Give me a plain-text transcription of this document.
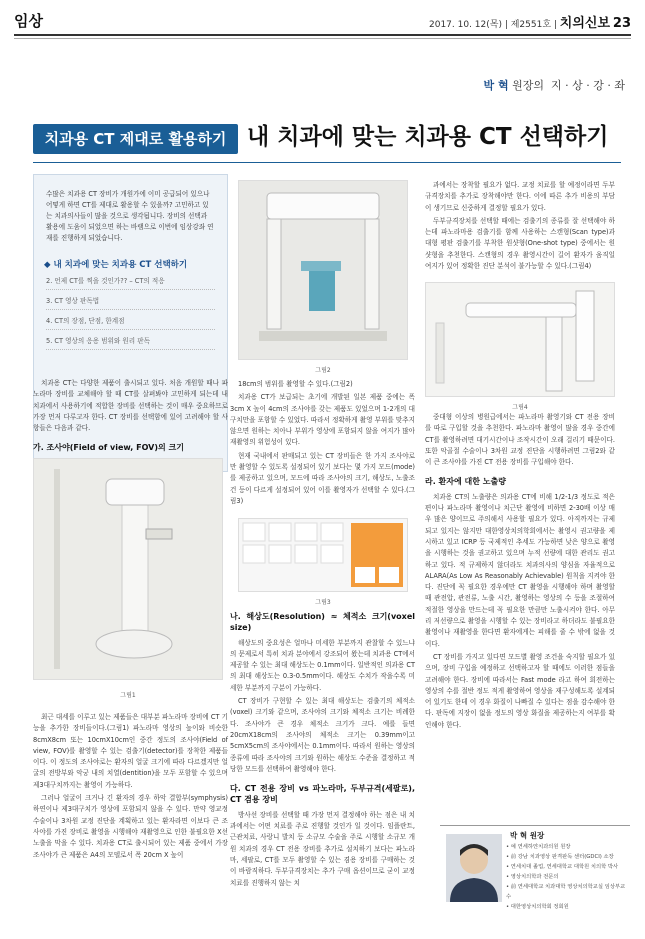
임상	2017. 10. 12(목) | 제2551호 | 치의신보 23
박 혁 원장의 지 · 상 · 강 · 좌
치과용 CT 제대로 활용하기 내 치과에 맞는 치과용 CT 선택하기

수많은 치과용 CT 장비가 개원가에 이미 공급되어 있으나 어떻게 하면 CT를 제대로 활용할 수 있을까? 고민하고 있는 치과의사들이 많을 것으로 생각됩니다. 장비의 선택과 활용에 도움이 되었으면 하는 바램으로 이번에 임상강좌 연재를 진행하게 되었습니다.

◆ 내 치과에 맞는 치과용 CT 선택하기
2. 언제 CT를 찍을 것인가?? – CT의 적응
3. CT 영상 판독법
4. CT의 장점, 단점, 한계점
5. CT 영상의 응용 범위와 원리 판독

치과용 CT는 다양한 제품이 출시되고 있다. 처음 개원할 때나 파노라마 장비를 교체해야 할 때 CT를 살펴봐야 고민하게 되는데 내 치과에서 사용하기에 적합한 장비를 선택하는 것이 매우 중요하므로 가장 먼저 다루고자 한다. CT 장비를 선택함에 있어 고려해야 할 사항들은 다음과 같다.

가. 조사야(Field of view, FOV)의 크기
그림1

최근 대세를 이루고 있는 제품들은 대부분 파노라마 장비에 CT 기능을 추가한 장비들이다.(그림1) 파노라마 영상의 높이와 비슷한 8cmX8cm 또는 10cmX10cm인 중간 정도의 조사야(Field of view, FOV)를 촬영할 수 있는 검출기(detector)를 장착한 제품들이다. 이 정도의 조사야로는 환자의 얼굴 크기에 따라 다르겠지만 얼굴의 전방부와 악궁 내의 치열(dentition)을 모두 포함할 수 있으며 제3대구치까지는 촬영이 가능하다.

그러나 얼굴이 크거나 긴 환자의 경우 하악 결합부(symphysis) 하연이나 제3대구치가 영상에 포함되지 않을 수 있다. 만약 영교정 수술이나 3차원 교정 진단을 계획하고 있는 환자라면 이보다 큰 조사야를 가진 장비로 촬영을 시행해야 재촬영으로 인한 불필요한 X선 노출을 막을 수 있다. 치과용 CT로 출시되어 있는 제품 중에서 가장 조사야가 큰 제품은 A4의 모델로서 폭 20cm X 높이

그림2

18cm의 범위를 촬영할 수 있다.(그림2)

치과용 CT가 보급되는 초기에 개발된 일본 제품 중에는 폭 3cm X 높이 4cm의 조사야를 갖는 제품도 있었으며 1-2개의 대구치만을 포함할 수 있었다. 따라서 정확하게 촬영 부위를 맞추지 않으면 원하는 치아나 부위가 영상에 포함되지 않을 여지가 많아 재촬영의 위험성이 있다.

현재 국내에서 판매되고 있는 CT 장비들은 한 가지 조사야로만 촬영할 수 있도록 설정되어 있기 보다는 몇 가지 모드(mode)를 제공하고 있으며, 모드에 따라 조사야의 크기, 해상도, 노출조건 등이 다르게 설정되어 있어 이를 촬영자가 선택할 수 있다.(그림3)

그림3
나. 해상도(Resolution) ≈ 체적소 크기(voxel size)

해상도의 중요성은 얼마나 미세한 부분까지 관찰할 수 있느냐의 문제로서 특히 치과 분야에서 강조되어 왔는데 치과용 CT에서 제공할 수 있는 최대 해상도는 0.1mm이다. 일반적인 의과용 CT의 최대 해상도는 0.3-0.5mm이다. 해상도 수치가 작을수록 미세한 부분까지 구분이 가능하다.

CT 장비가 구현할 수 있는 최대 해상도는 검출기의 체적소(voxel) 크기와 같으며, 조사야의 크기와 체적소 크기는 비례한다. 조사야가 큰 경우 체적소 크기가 크다. 예를 들면 20cmX18cm의 조사야의 체적소 크기는 0.39mm이고 5cmX5cm의 조사야에서는 0.1mm이다. 따라서 원하는 영상의 종류에 따라 조사야의 크기와 원하는 해상도 수준을 결정하고 적당한 모드를 선택하여 촬영해야 한다.

다. CT 전용 장비 vs 파노라마, 두부규격(세팔로), CT 겸용 장비

방사선 장비를 선택할 때 가장 먼저 결정해야 하는 점은 내 치과에서는 어떤 치료를 주로 진행할 것인가 일 것이다. 임플란트, 근관치료, 사랑니 발치 등 소규모 수술을 주로 시행할 소규모 개원 치과의 경우 CT 전용 장비를 추가로 설치하기 보다는 파노라마, 세팔로, CT를 모두 촬영할 수 있는 겸용 장비를 구매하는 것이 바람직하다. 두부규격장치는 추가 구매 옵션이므로 굳이 교정 치료를 진행하지 않는 치

과에서는 장착할 필요가 없다. 교정 치료를 할 예정이라면 두부규격장치를 추가로 장착해야만 한다. 이에 따른 추가 비용의 부담이 생기므로 신중하게 결정할 필요가 있다.

두부규격장치를 선택할 때에는 검출기의 종류를 잘 선택해야 하는데 파노라마용 검출기를 함께 사용하는 스캔형(Scan type)과 대형 평판 검출기를 부착한 원샷형(One-shot type) 중에서는 원샷형을 추천한다. 스캔형의 경우 촬영시간이 길어 환자가 움직일 여지가 있어 정확한 진단 분석이 불가능할 수 있다.(그림4)

그림4

중대형 이상의 병원급에서는 파노라마 촬영기와 CT 전용 장비를 따로 구입할 것을 추천한다. 파노라마 촬영이 많을 경우 중간에 CT를 촬영하려면 대기시간이나 조작시간이 오래 걸리기 때문이다. 또한 악골절 수술이나 3차원 교정 진단을 시행하려면 그림2와 같이 큰 조사야를 가진 CT 전용 장비를 구입해야 한다.

라. 환자에 대한 노출량

치과용 CT의 노출량은 의과용 CT에 비해 1/2-1/3 정도로 적은 편이나 파노라마 촬영이나 치근단 촬영에 비하면 2-30배 이상 매우 많은 양이므로 주의해서 사용할 필요가 있다. 아직까지는 규제되고 있지는 않지만 대한영상치의학회에서는 촬영시 권고량을 제시하고 있고 ICRP 등 국제적인 추세도 가능하면 낮은 양으로 촬영을 시행하는 것을 권고하고 있으며 누적 선량에 대한 관리도 권고하고 있다. 적 규제하지 않더라도 치과의사의 양심을 자율적으로 ALARA(As Low As Reasonably Achievable) 원칙을 지켜야 한다. 진단에 꼭 필요한 경우에만 CT 촬영을 시행해야 하며 촬영할 때 관전압, 관전류, 노출 시간, 촬영하는 영상의 수 등을 조절하여 적절한 영상을 만드는데 꼭 필요한 만큼만 노출시켜야 한다. 아무리 저선량으로 촬영을 시행할 수 있는 장비라고 하더라도 불필요한 촬영이나 재촬영을 한다면 환자에게는 피해를 줄 수 밖에 없을 것이다.

CT 장비를 가지고 있다면 모드별 촬영 조건을 숙지할 필요가 있으며, 장비 구입을 예정하고 선택하고자 할 때에도 이러한 점들을 고려해야 한다. 장비에 따라서는 Fast mode 라고 하여 회전하는 영상의 수를 절반 정도 적게 촬영하여 영상을 재구성해도록 설계되어 있기도 한데 이 경우 화질이 나빠질 수 있다는 점을 감수해야 한다. 판독에 지장이 없을 정도의 영상 화질을 제공하는지 여부를 확인해야 한다.

박 혁 원장
• 예 연세하얀치과의원 원장
• 前 강남 치과영상 판격판독 센터(GDCI) 소장
• 연세치대 졸업, 연세대학교 대학원 치의학 박사
• 영상치의학과 전문의
• 前 연세대학교 치과대학 영상치의학교실 임상부교수
• 대한영상치의학회 정회원
